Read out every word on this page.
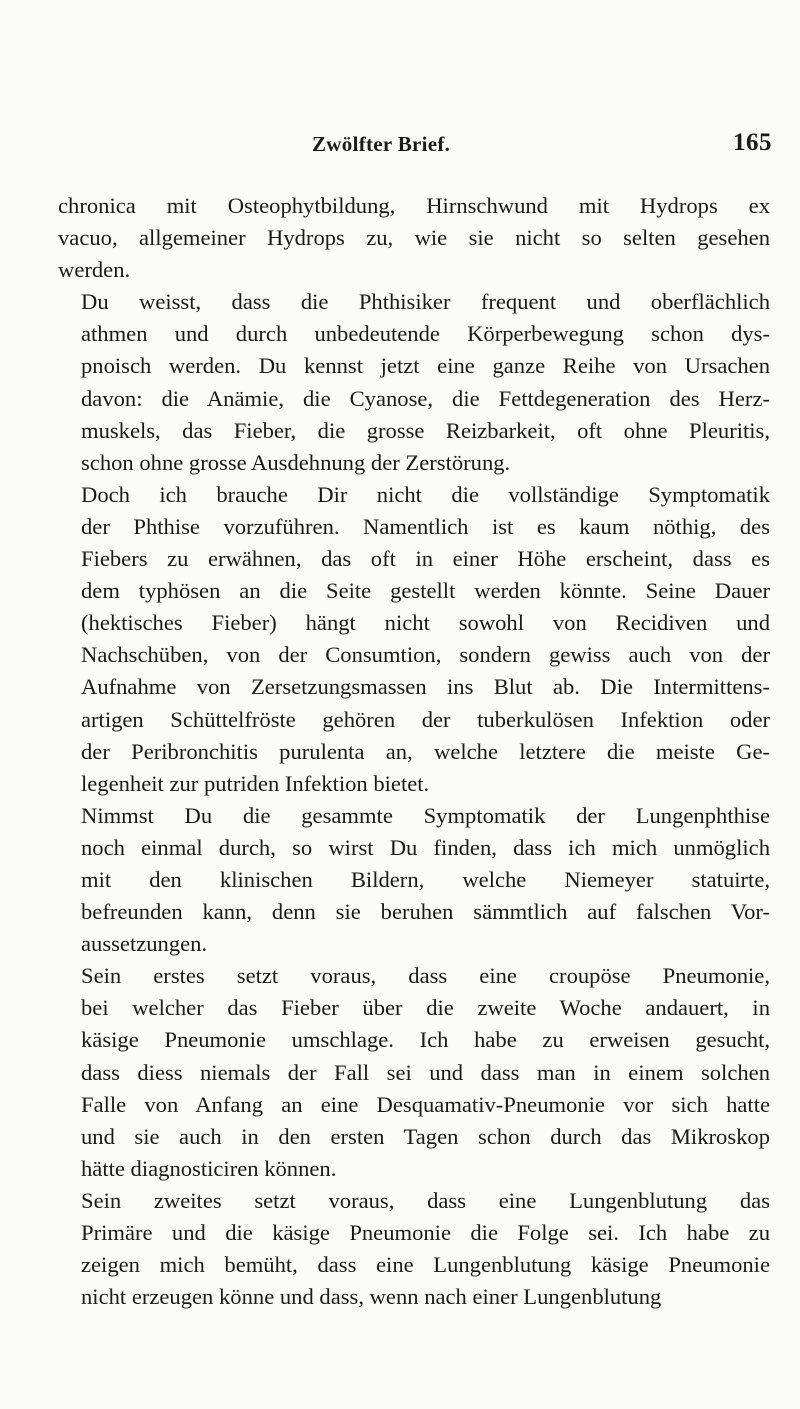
Zwölfter Brief.	165

chronica mit Osteophytbildung, Hirnschwund mit Hydrops ex
vacuo, allgemeiner Hydrops zu, wie sie nicht so selten gesehen
werden.

Du weisst, dass die Phthisiker frequent und oberflächlich
athmen und durch unbedeutende Körperbewegung schon dys-
pnoisch werden. Du kennst jetzt eine ganze Reihe von Ursachen
davon: die Anämie, die Cyanose, die Fettdegeneration des Herz-
muskels, das Fieber, die grosse Reizbarkeit, oft ohne Pleuritis,
schon ohne grosse Ausdehnung der Zerstörung.

Doch ich brauche Dir nicht die vollständige Symptomatik
der Phthise vorzuführen. Namentlich ist es kaum nöthig, des
Fiebers zu erwähnen, das oft in einer Höhe erscheint, dass es
dem typhösen an die Seite gestellt werden könnte. Seine Dauer
(hektisches Fieber) hängt nicht sowohl von Recidiven und
Nachschüben, von der Consumtion, sondern gewiss auch von der
Aufnahme von Zersetzungsmassen ins Blut ab. Die Intermittens-
artigen Schüttelfröste gehören der tuberkulösen Infektion oder
der Peribronchitis purulenta an, welche letztere die meiste Ge-
legenheit zur putriden Infektion bietet.

Nimmst Du die gesammte Symptomatik der Lungenphthise
noch einmal durch, so wirst Du finden, dass ich mich unmöglich
mit den klinischen Bildern, welche Niemeyer statuirte,
befreunden kann, denn sie beruhen sämmtlich auf falschen Vor-
aussetzungen.

Sein erstes setzt voraus, dass eine croupöse Pneumonie,
bei welcher das Fieber über die zweite Woche andauert, in
käsige Pneumonie umschlage. Ich habe zu erweisen gesucht,
dass diess niemals der Fall sei und dass man in einem solchen
Falle von Anfang an eine Desquamativ-Pneumonie vor sich hatte
und sie auch in den ersten Tagen schon durch das Mikroskop
hätte diagnosticiren können.

Sein zweites setzt voraus, dass eine Lungenblutung das
Primäre und die käsige Pneumonie die Folge sei. Ich habe zu
zeigen mich bemüht, dass eine Lungenblutung käsige Pneumonie
nicht erzeugen könne und dass, wenn nach einer Lungenblutung
